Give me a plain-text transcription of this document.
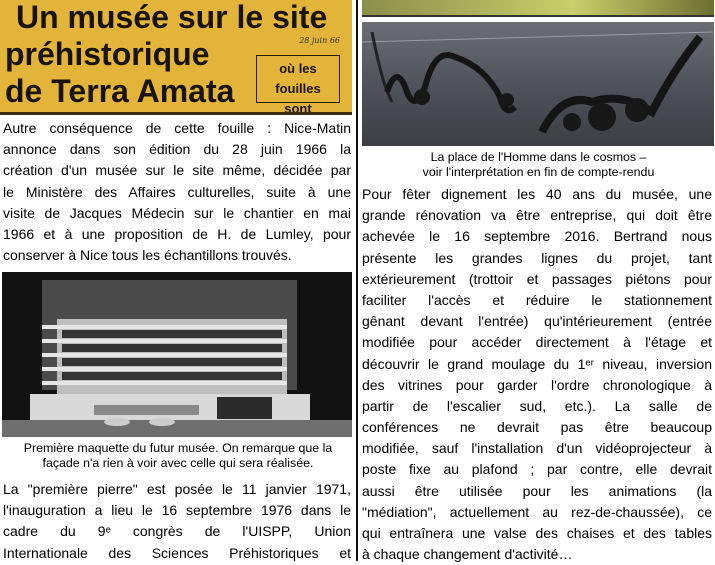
Un musée sur le site
préhistorique
de Terra Amata
28 juin 66
où les fouilles
sont
Autre conséquence de cette fouille : Nice-Matin
annonce dans son édition du 28 juin 1966 la
création d'un musée sur le site même, décidée par
le Ministère des Affaires culturelles, suite à une
visite de Jacques Médecin sur le chantier en mai
1966 et à une proposition de H. de Lumley, pour
conserver à Nice tous les échantillons trouvés.
Première maquette du futur musée. On remarque que la
façade n'a rien à voir avec celle qui sera réalisée.
La "première pierre" est posée le 11 janvier 1971,
l'inauguration a lieu le 16 septembre 1976 dans le
cadre du 9ᵉ congrès de l'UISPP, Union
Internationale des Sciences Préhistoriques et
La place de l'Homme dans le cosmos –
voir l'interprétation en fin de compte-rendu
Pour fêter dignement les 40 ans du musée, une
grande rénovation va être entreprise, qui doit être
achevée le 16 septembre 2016. Bertrand nous
présente les grandes lignes du projet, tant
extérieurement (trottoir et passages piétons pour
faciliter l'accès et réduire le stationnement
gênant devant l'entrée) qu'intérieurement (entrée
modifiée pour accéder directement à l'étage et
découvrir le grand moulage du 1ᵉʳ niveau, inversion
des vitrines pour garder l'ordre chronologique à
partir de l'escalier sud, etc.). La salle de
conférences ne devrait pas être beaucoup
modifiée, sauf l'installation d'un vidéoprojecteur à
poste fixe au plafond ; par contre, elle devrait
aussi être utilisée pour les animations (la
"médiation", actuellement au rez-de-chaussée), ce
qui entraînera une valse des chaises et des tables
à chaque changement d'activité…
